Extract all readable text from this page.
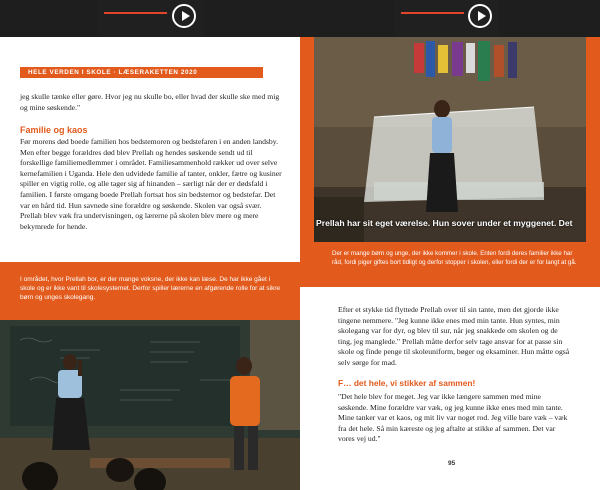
HELE VERDEN I SKOLE · LÆSERAKETTEN 2020
jeg skulle tænke eller gøre. Hvor jeg nu skulle bo, eller hvad der skulle ske med mig og mine søskende."
Familie og kaos
Før morens død boede familien hos bedstemoren og bedstefaren i en anden landsby. Men efter begge forældres død blev Prellah og hendes søskende sendt ud til forskellige familiemedlemmer i området. Familiesammenhold rækker ud over selve kernefamilien i Uganda. Hele den udvidede familie af tanter, onkler, fætre og kusiner spiller en vigtig rolle, og alle tager sig af hinanden – særligt når der er dødsfald i familien. I første omgang boede Prellah fortsat hos sin bedstemor og bedstefar. Det var en hård tid. Hun savnede sine forældre og søskende. Skolen var også svær. Prellah blev væk fra undervisningen, og lærerne på skolen blev mere og mere bekymrede for hende.
I området, hvor Prellah bor, er der mange voksne, der ikke kan læse. De har ikke gået i skole og er ikke vant til skolesystemet. Derfor spiller lærerne en afgørende rolle for at sikre børn og unges skolegang.
Prellah har sit eget værelse. Hun sover under et myggenet. Det
Der er mange børn og unge, der ikke kommer i skole. Enten fordi deres familier ikke har råd, fordi piger giftes bort tidligt og derfor stopper i skolen, eller fordi der er for langt at gå.
Efter et stykke tid flyttede Prellah over til sin tante, men det gjorde ikke tingene nemmere. "Jeg kunne ikke enes med min tante. Hun syntes, min skolegang var for dyr, og blev til sur, når jeg snakkede om skolen og de ting, jeg manglede." Prellah måtte derfor selv tage ansvar for at passe sin skole og finde penge til skoleuniform, bøger og eksaminer. Hun måtte også selv sørge for mad.
F… det hele, vi stikker af sammen!
"Det hele blev for meget. Jeg var ikke længere sammen med mine søskende. Mine forældre var væk, og jeg kunne ikke enes med min tante. Mine tanker var et kaos, og mit liv var noget rod. Jeg ville bare væk – væk fra det hele. Så min kæreste og jeg aftalte at stikke af sammen. Det var vores vej ud."
95
